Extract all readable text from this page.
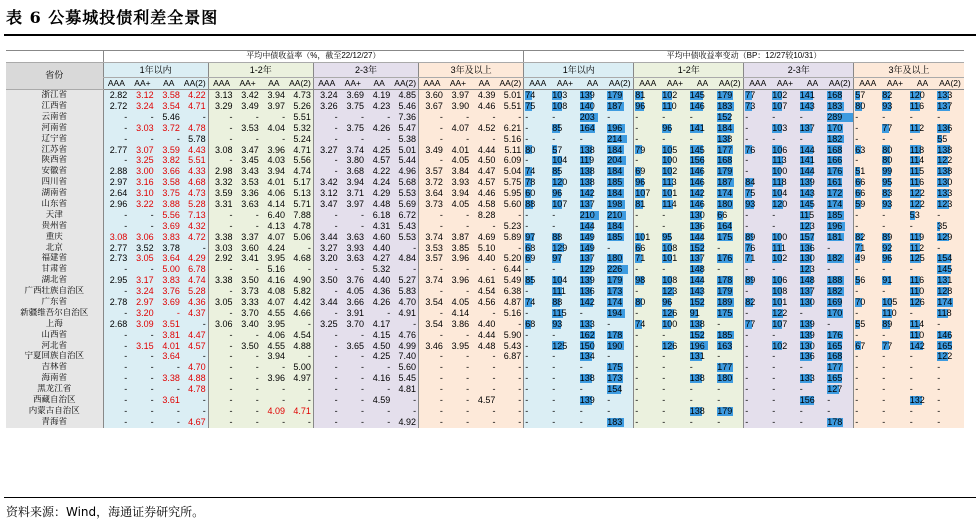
表 6 公募城投债利差全景图
	平均中债收益率（%，截至22/12/27）																平均中债收益率变动（BP：12/27较10/31）															
省份	1年以内				1-2年				2-3年				3年及以上				1年以内				1-2年				2-3年				3年及以上			
	AAA	AA+	AA	AA(2)	AAA	AA+	AA	AA(2)	AAA	AA+	AA	AA(2)	AAA	AA+	AA	AA(2)	AAA	AA+	AA	AA(2)	AAA	AA+	AA	AA(2)	AAA	AA+	AA	AA(2)	AAA	AA+	AA	AA(2)
浙江省	2.82	3.12	3.58	4.22	3.13	3.42	3.94	4.73	3.24	3.69	4.19	4.85	3.60	3.97	4.39	5.01	74	103	139	179	81	102	145	179	77	102	141	168	57	82	120	133
江西省	2.72	3.24	3.54	4.71	3.29	3.49	3.97	5.26	3.26	3.75	4.23	5.46	3.67	3.90	4.46	5.51	75	108	140	187	96	110	146	183	73	107	143	183	80	93	116	137
云南省	-	-	5.46	-	-	-	-	5.51	-	-	-	7.36	-	-	-	-	-	-	203	-	-	-	-	152	-	-	-	289	-	-	-	-
河南省	-	3.03	3.72	4.78	-	3.53	4.04	5.32	-	3.75	4.26	5.47	-	4.07	4.52	6.21	-	85	164	196	-	96	141	184	-	103	137	170	-	77	112	136
辽宁省	-	-	-	5.78	-	-	-	5.24	-	-	-	5.38	-	-	-	5.16	-	-	-	214	-	-	-	138	-	-	-	182	-	-	-	55
江苏省	2.77	3.07	3.59	4.43	3.08	3.47	3.96	4.71	3.27	3.74	4.25	5.01	3.49	4.01	4.44	5.11	80	57	138	184	79	105	145	177	76	106	144	168	63	80	118	138
陕西省	-	3.25	3.82	5.51	-	3.45	4.03	5.56	-	3.80	4.57	5.44	-	4.05	4.50	6.09	-	104	119	204	-	100	156	168	-	113	141	166	-	80	114	122
安徽省	2.88	3.00	3.66	4.33	2.98	3.43	3.94	4.74	-	3.68	4.22	4.96	3.57	3.84	4.47	5.04	74	85	138	184	69	102	146	179	-	100	144	176	51	99	115	138
四川省	2.97	3.16	3.58	4.68	3.32	3.53	4.01	5.17	3.42	3.94	4.24	5.68	3.72	3.93	4.57	5.75	78	120	138	185	96	113	146	187	84	118	139	161	66	95	116	130
湖南省	2.64	3.10	3.75	4.73	3.59	3.36	4.06	5.13	3.12	3.71	4.29	5.53	3.64	3.94	4.46	5.95	60	96	142	184	107	101	142	174	75	104	143	172	66	83	122	133
山东省	2.96	3.22	3.88	5.28	3.31	3.63	4.14	5.71	3.47	3.97	4.48	5.69	3.73	4.05	4.58	5.60	88	107	137	198	81	114	146	180	93	120	145	174	59	93	122	123
天津	-	-	5.56	7.13	-	-	6.40	7.88	-	-	6.18	6.72	-	-	8.28	-	-	-	210	210	-	-	130	66	-	-	115	185	-	-	53	-
贵州省	-	-	3.69	4.32	-	-	4.13	4.78	-	-	4.31	5.43	-	-	-	5.23	-	-	144	184	-	-	136	164	-	-	123	196	-	-	-	35
重庆	3.08	3.06	3.83	4.72	3.38	3.37	4.07	5.06	3.44	3.63	4.60	5.53	3.74	3.87	4.69	5.89	97	88	149	185	101	95	144	175	89	100	157	181	82	89	119	129
北京	2.77	3.52	3.78	-	3.03	3.60	4.24	-	3.27	3.93	4.40	-	3.53	3.85	5.10	-	68	129	149	-	66	108	152	-	76	111	136	-	71	92	112	-
福建省	2.73	3.05	3.64	4.29	2.92	3.41	3.95	4.68	3.20	3.63	4.27	4.84	3.57	3.96	4.40	5.20	69	97	137	180	71	101	137	176	71	102	130	182	49	96	125	154
甘肃省	-	-	5.00	6.78	-	-	5.16	-	-	-	5.32	-	-	-	-	6.44	-	-	129	226	-	-	148	-	-	-	123	-	-	-	-	145
湖北省	2.95	3.17	3.83	4.74	3.38	3.50	4.16	4.90	3.50	3.76	4.40	5.27	3.74	3.96	4.61	5.49	85	104	139	179	98	108	144	178	89	106	148	188	56	91	116	131
广西壮族自治区	-	3.24	3.76	5.28	-	3.73	4.08	5.82	-	4.05	4.36	5.83	-	-	4.54	6.38	-	111	136	173	-	123	143	179	-	108	137	182	-	-	110	128
广东省	2.78	2.97	3.69	4.36	3.05	3.33	4.07	4.42	3.44	3.66	4.26	4.70	3.54	4.05	4.56	4.87	74	88	142	174	80	96	152	189	82	101	130	169	70	105	126	174
新疆维吾尔自治区	-	3.20	-	4.37	-	3.70	4.55	4.66	-	3.91	-	4.91	-	4.14	-	5.16	-	115	-	194	-	126	91	175	-	122	-	170	-	110	-	118
上海	2.68	3.09	3.51	-	3.06	3.40	3.95	-	3.25	3.70	4.17	-	3.54	3.86	4.40	-	68	93	133	-	74	100	138	-	77	107	139	-	55	89	114	-
山西省	-	-	3.81	4.47	-	-	4.06	4.54	-	-	4.15	4.76	-	-	4.44	5.90	-	-	162	178	-	-	152	185	-	-	139	176	-	-	110	146
河北省	-	3.15	4.01	4.57	-	3.50	4.55	4.88	-	3.65	4.50	4.99	3.46	3.95	4.48	5.43	-	125	150	190	-	126	196	163	-	102	130	165	67	77	142	165
宁夏回族自治区	-	-	3.64	-	-	-	3.94	-	-	-	4.25	7.40	-	-	-	6.87	-	-	134	-	-	-	131	-	-	-	136	168	-	-	-	122
吉林省	-	-	-	4.70	-	-	-	5.00	-	-	-	5.60	-	-	-	-	-	-	-	175	-	-	-	177	-	-	-	177	-	-	-	-
海南省	-	-	3.38	4.88	-	-	3.96	4.97	-	-	4.16	5.45	-	-	-	-	-	-	138	173	-	-	138	180	-	-	133	165	-	-	-	-
黑龙江省	-	-	-	4.78	-	-	-	-	-	-	-	4.81	-	-	-	-	-	-	-	154	-	-	-	-	-	-	-	127	-	-	-	-
西藏自治区	-	-	3.61	-	-	-	-	-	-	-	4.59	-	-	-	4.57	-	-	-	139	-	-	-	-	-	-	-	156	-	-	-	132	-
内蒙古自治区	-	-	-	-	-	-	4.09	4.71	-	-	-	-	-	-	-	-	-	-	-	-	-	-	138	179	-	-	-	-	-	-	-	-
青海省	-	-	-	4.67	-	-	-	-	-	-	-	4.92	-	-	-	-	-	-	-	183	-	-	-	-	-	-	-	178	-	-	-	-
资料来源：Wind，海通证券研究所。
